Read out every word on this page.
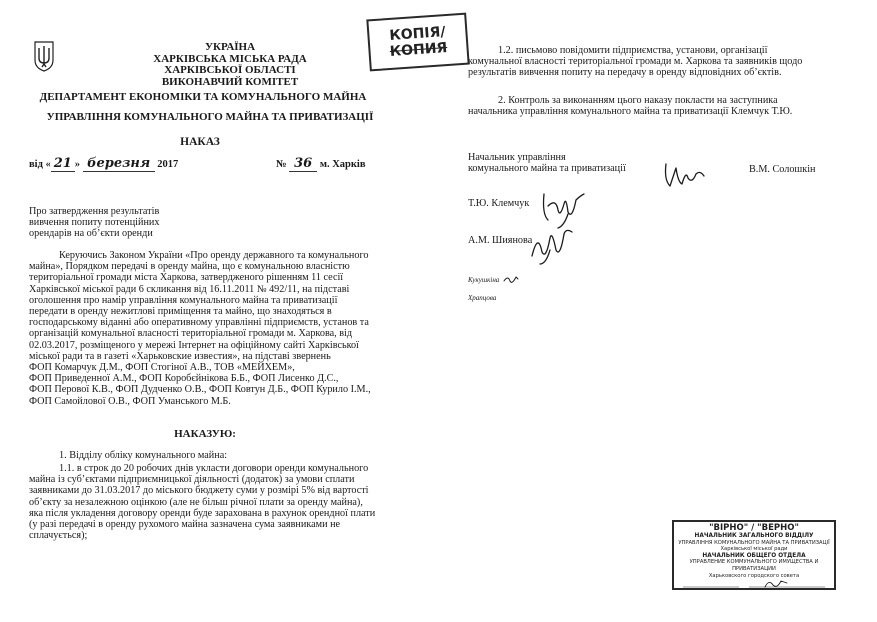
УКРАЇНА
ХАРКІВСЬКА МІСЬКА РАДА
ХАРКІВСЬКОЇ ОБЛАСТІ
ВИКОНАВЧИЙ КОМІТЕТ
ДЕПАРТАМЕНТ ЕКОНОМІКИ ТА КОМУНАЛЬНОГО МАЙНА
УПРАВЛІННЯ КОМУНАЛЬНОГО МАЙНА ТА ПРИВАТИЗАЦІЇ
НАКАЗ
від « 21 » березня 2017	№ 36 м. Харків
КОПІЯ/
КОПИЯ
Про затвердження результатів
вивчення попиту потенційних
орендарів на об’єкти оренди
Керуючись Законом України «Про оренду державного та комунального
майна», Порядком передачі в оренду майна, що є комунальною власністю
територіальної громади міста Харкова, затвердженого рішенням 11 сесії
Харківської міської ради 6 скликання від 16.11.2011 № 492/11, на підставі
оголошення про намір управління комунального майна та приватизації
передати в оренду нежитлові приміщення та майно, що знаходяться в
господарському віданні або оперативному управлінні підприємств, установ та
організацій комунальної власності територіальної громади м. Харкова, від
02.03.2017, розміщеного у мережі Інтернет на офіційному сайті Харківської
міської ради та в газеті «Харьковские известия», на підставі звернень
ФОП Комарчук Д.М., ФОП Стогіної А.В., ТОВ «МЕЙХЕМ»,
ФОП Приведенної А.М., ФОП Коробєйнікова Б.Б., ФОП Лисенко Д.С.,
ФОП Перової К.В., ФОП Дудченко О.В., ФОП Ковтун Д.Б., ФОП Курило І.М.,
ФОП Самойлової О.В., ФОП Уманського М.Б.
НАКАЗУЮ:
1. Відділу обліку комунального майна:
1.1. в строк до 20 робочих днів укласти договори оренди комунального
майна із суб’єктами підприємницької діяльності (додаток) за умови сплати
заявниками до 31.03.2017 до міського бюджету суми у розмірі 5% від вартості
об’єкту за незалежною оцінкою (але не більш річної плати за оренду майна),
яка після укладення договору оренди буде зарахована в рахунок орендної плати
(у разі передачі в оренду рухомого майна зазначена сума заявниками не
сплачується);
1.2. письмово повідомити підприємства, установи, організації
комунальної власності територіальної громади м. Харкова та заявників щодо
результатів вивчення попиту на передачу в оренду відповідних об’єктів.
2. Контроль за виконанням цього наказу покласти на заступника
начальника управління комунального майна та приватизації Клемчук Т.Ю.
Начальник управління
комунального майна та приватизації	В.М. Солошкін
Т.Ю. Клемчук
А.М. Шиянова
Кукушкіна
Храпцова
"ВІРНО" / "ВЕРНО"
НАЧАЛЬНИК ЗАГАЛЬНОГО ВІДДІЛУ
УПРАВЛІННЯ КОМУНАЛЬНОГО МАЙНА ТА ПРИВАТИЗАЦІЇ
Харківської міської ради
НАЧАЛЬНИК ОБЩЕГО ОТДЕЛА
УПРАВЛЕНИЕ КОММУНАЛЬНОГО ИМУЩЕСТВА И ПРИВАТИЗАЦИИ
Харьковского городского совета
